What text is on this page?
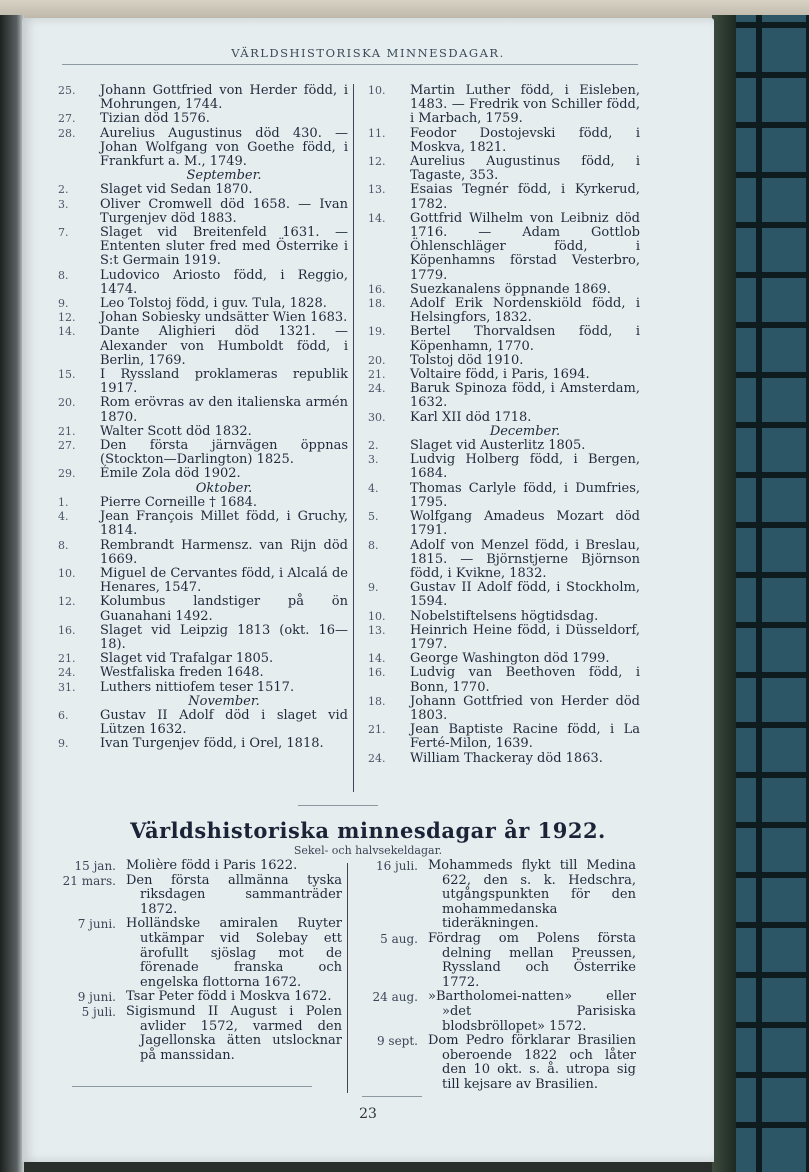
VÄRLDSHISTORISKA MINNESDAGAR.
25.	Johann Gottfried von Herder född, i Mohrungen, 1744.
27.	Tizian död 1576.
28.	Aurelius Augustinus död 430. — Johan Wolfgang von Goethe född, i Frankfurt a. M., 1749.
September.
2.	Slaget vid Sedan 1870.
3.	Oliver Cromwell död 1658. — Ivan Turgenjev död 1883.
7.	Slaget vid Breitenfeld 1631. — Ententen sluter fred med Österrike i S:t Germain 1919.
8.	Ludovico Ariosto född, i Reggio, 1474.
9.	Leo Tolstoj född, i guv. Tula, 1828.
12.	Johan Sobiesky undsätter Wien 1683.
14.	Dante Alighieri död 1321. — Alexander von Humboldt född, i Berlin, 1769.
15.	I Ryssland proklameras republik 1917.
20.	Rom erövras av den italienska armén 1870.
21.	Walter Scott död 1832.
27.	Den första järnvägen öppnas (Stockton—Darlington) 1825.
29.	Émile Zola död 1902.
Oktober.
1.	Pierre Corneille † 1684.
4.	Jean François Millet född, i Gruchy, 1814.
8.	Rembrandt Harmensz. van Rijn död 1669.
10.	Miguel de Cervantes född, i Alcalá de Henares, 1547.
12.	Kolumbus landstiger på ön Guanahani 1492.
16.	Slaget vid Leipzig 1813 (okt. 16—18).
21.	Slaget vid Trafalgar 1805.
24.	Westfaliska freden 1648.
31.	Luthers nittiofem teser 1517.
November.
6.	Gustav II Adolf död i slaget vid Lützen 1632.
9.	Ivan Turgenjev född, i Orel, 1818.
10.	Martin Luther född, i Eisleben, 1483. — Fredrik von Schiller född, i Marbach, 1759.
11.	Feodor Dostojevski född, i Moskva, 1821.
12.	Aurelius Augustinus född, i Tagaste, 353.
13.	Esaias Tegnér född, i Kyrkerud, 1782.
14.	Gottfrid Wilhelm von Leibniz död 1716. — Adam Gottlob Öhlenschläger född, i Köpenhamns förstad Vesterbro, 1779.
16.	Suezkanalens öppnande 1869.
18.	Adolf Erik Nordenskiöld född, i Helsingfors, 1832.
19.	Bertel Thorvaldsen född, i Köpenhamn, 1770.
20.	Tolstoj död 1910.
21.	Voltaire född, i Paris, 1694.
24.	Baruk Spinoza född, i Amsterdam, 1632.
30.	Karl XII död 1718.
December.
2.	Slaget vid Austerlitz 1805.
3.	Ludvig Holberg född, i Bergen, 1684.
4.	Thomas Carlyle född, i Dumfries, 1795.
5.	Wolfgang Amadeus Mozart död 1791.
8.	Adolf von Menzel född, i Breslau, 1815. — Björnstjerne Björnson född, i Kvikne, 1832.
9.	Gustav II Adolf född, i Stockholm, 1594.
10.	Nobelstiftelsens högtidsdag.
13.	Heinrich Heine född, i Düsseldorf, 1797.
14.	George Washington död 1799.
16.	Ludvig van Beethoven född, i Bonn, 1770.
18.	Johann Gottfried von Herder död 1803.
21.	Jean Baptiste Racine född, i La Ferté-Milon, 1639.
24.	William Thackeray död 1863.
Världshistoriska minnesdagar år 1922.
Sekel- och halvsekeldagar.
15 jan. Molière född i Paris 1622.
21 mars. Den första allmänna tyska riksdagen sammanträder 1872.
7 juni. Holländske amiralen Ruyter utkämpar vid Solebay ett ärofullt sjöslag mot de förenade franska och engelska flottorna 1672.
9 juni. Tsar Peter född i Moskva 1672.
5 juli. Sigismund II August i Polen avlider 1572, varmed den Jagellonska ätten utslocknar på manssidan.
16 juli. Mohammeds flykt till Medina 622, den s. k. Hedschra, utgångspunkten för den mohammedanska tideräkningen.
5 aug. Fördrag om Polens första delning mellan Preussen, Ryssland och Österrike 1772.
24 aug. »Bartholomei-natten» eller »det Parisiska blodsbröllopet» 1572.
9 sept. Dom Pedro förklarar Brasilien oberoende 1822 och låter den 10 okt. s. å. utropa sig till kejsare av Brasilien.
23
